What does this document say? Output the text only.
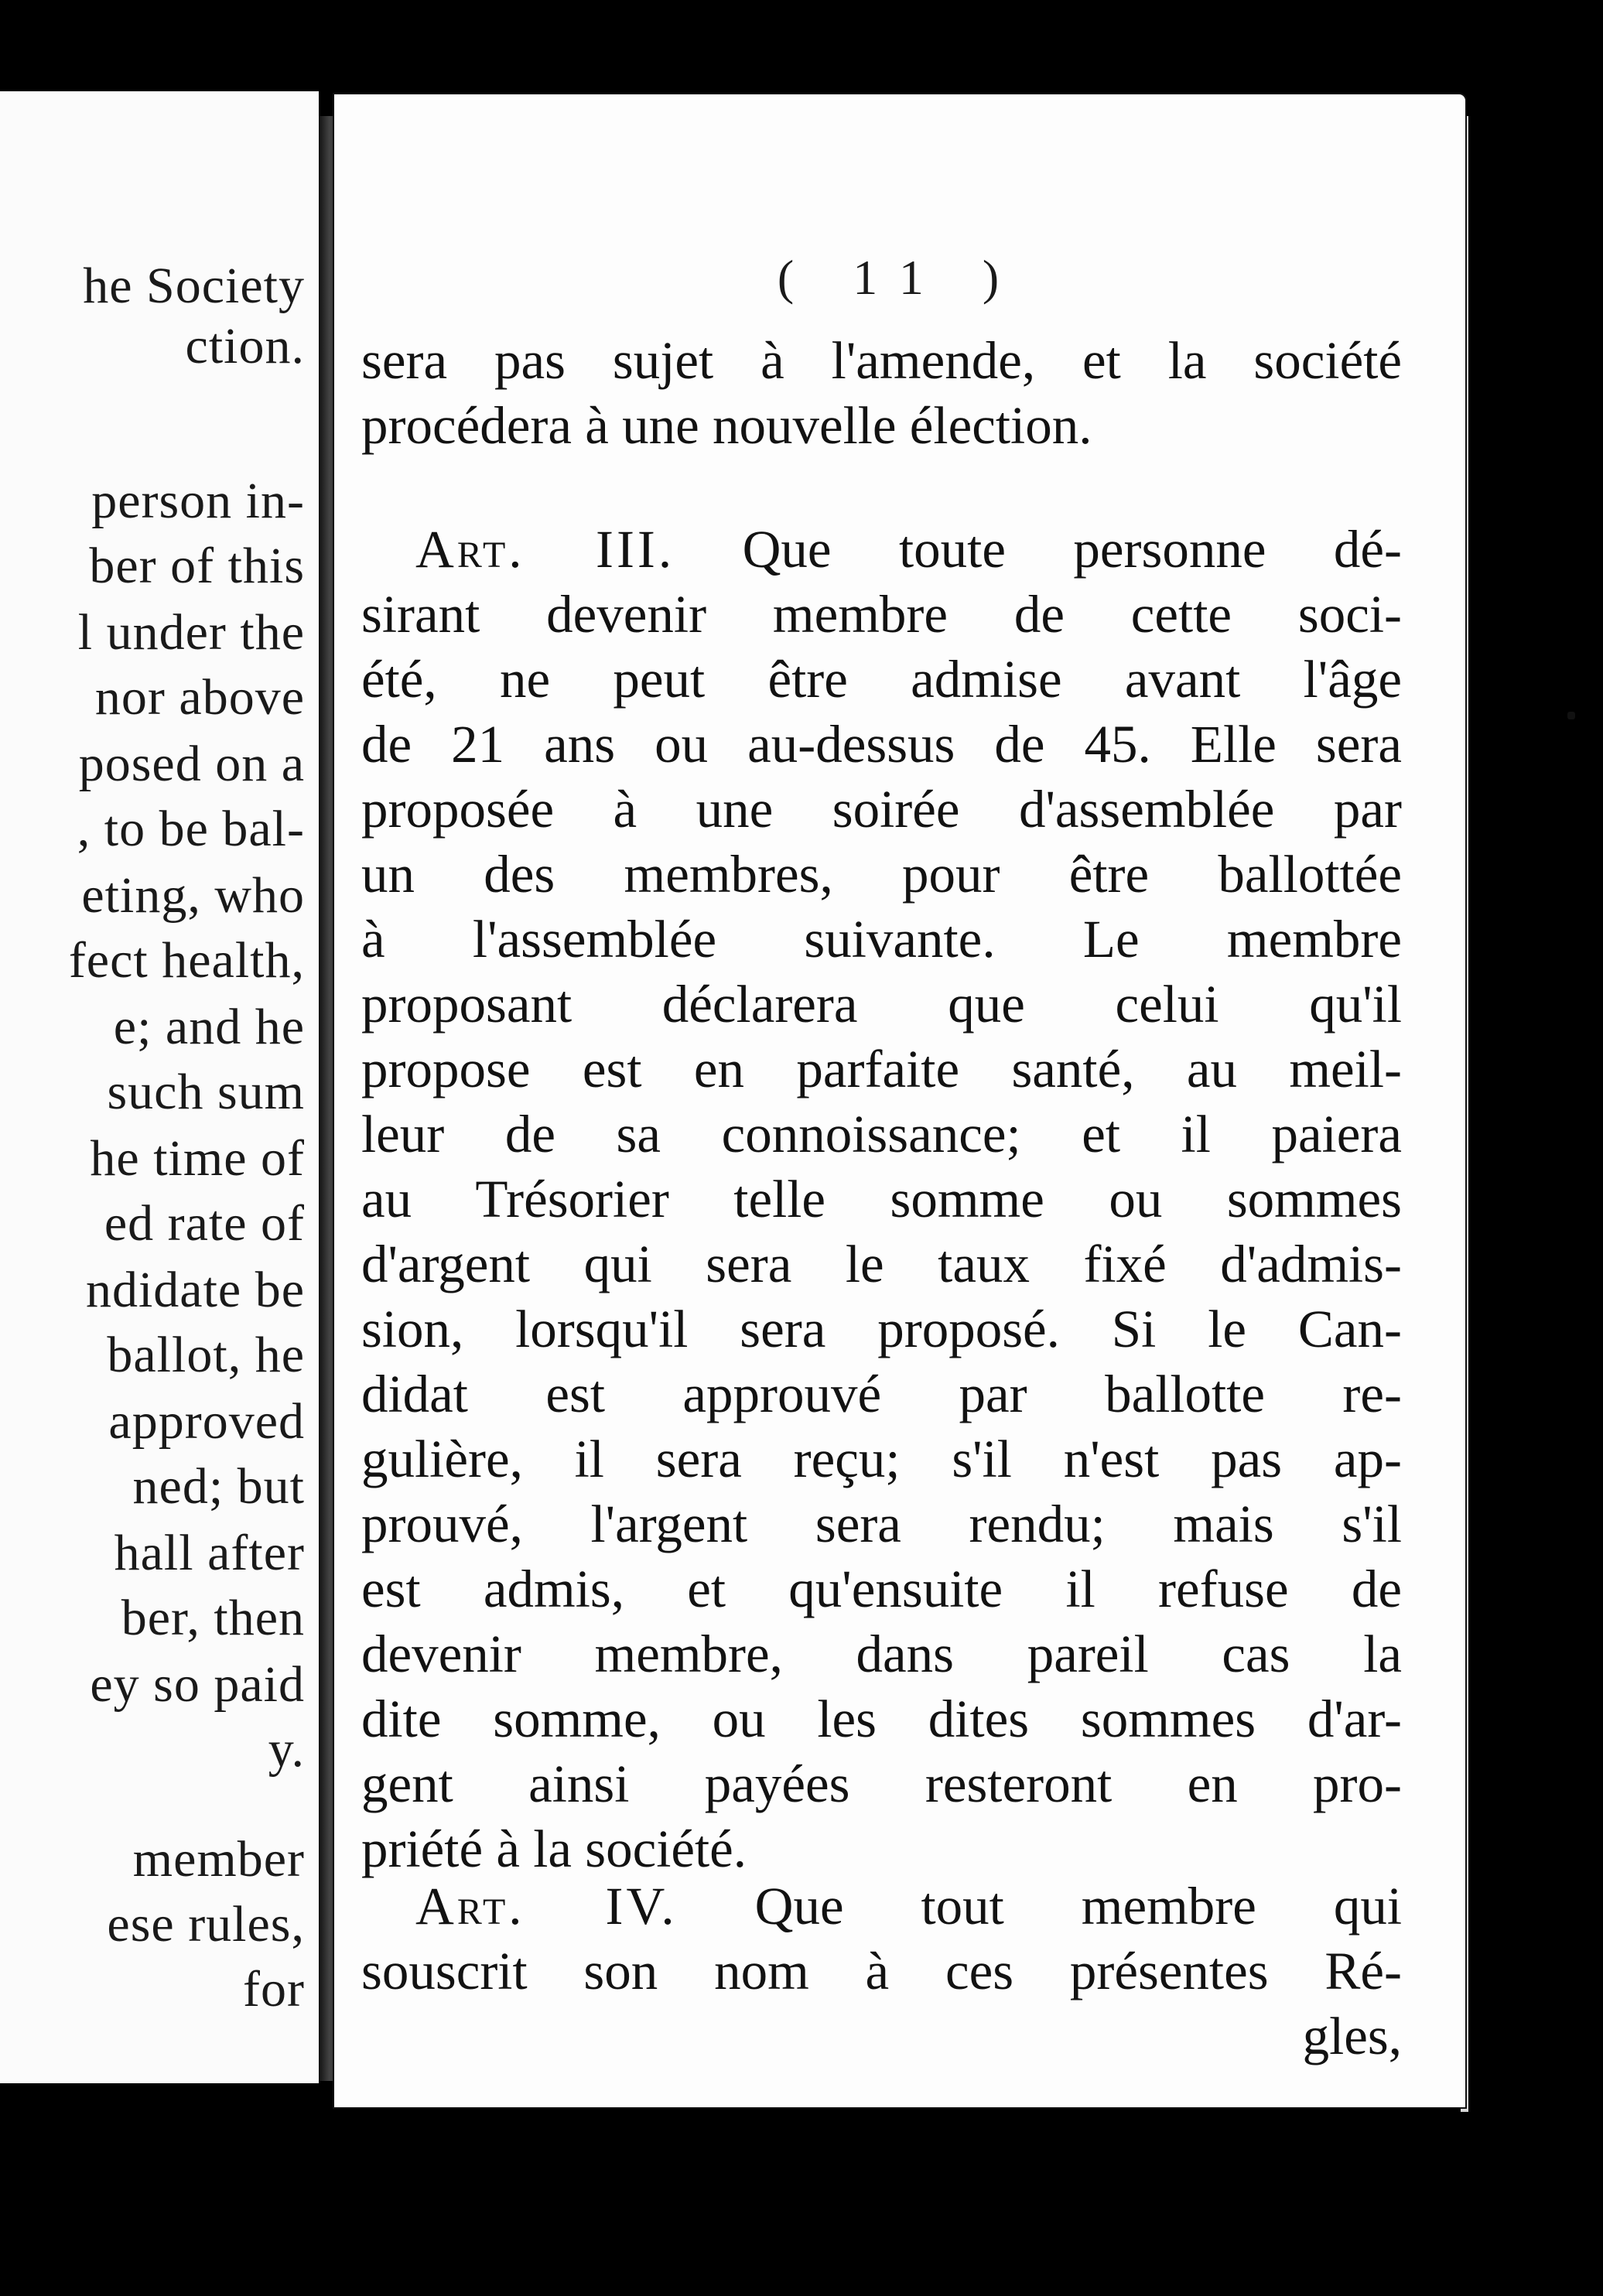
he Society
ction.
person in-
ber of this
l under the
nor above
posed on a
, to be bal-
eting, who
fect health,
e; and he
such sum
he time of
ed rate of
ndidate be
ballot, he
approved
ned; but
hall after
ber, then
ey so paid
y.
member
ese rules,
for
( 11 )
sera pas sujet à l'amende, et la société
procédera à une nouvelle élection.
Art. III. Que toute personne dé-
sirant devenir membre de cette soci-
été, ne peut être admise avant l'âge
de 21 ans ou au-dessus de 45. Elle sera
proposée à une soirée d'assemblée par
un des membres, pour être ballottée
à l'assemblée suivante. Le membre
proposant déclarera que celui qu'il
propose est en parfaite santé, au meil-
leur de sa connoissance; et il paiera
au Trésorier telle somme ou sommes
d'argent qui sera le taux fixé d'admis-
sion, lorsqu'il sera proposé. Si le Can-
didat est approuvé par ballotte re-
gulière, il sera reçu; s'il n'est pas ap-
prouvé, l'argent sera rendu; mais s'il
est admis, et qu'ensuite il refuse de
devenir membre, dans pareil cas la
dite somme, ou les dites sommes d'ar-
gent ainsi payées resteront en pro-
priété à la société.
Art. IV. Que tout membre qui
souscrit son nom à ces présentes Ré-
gles,
